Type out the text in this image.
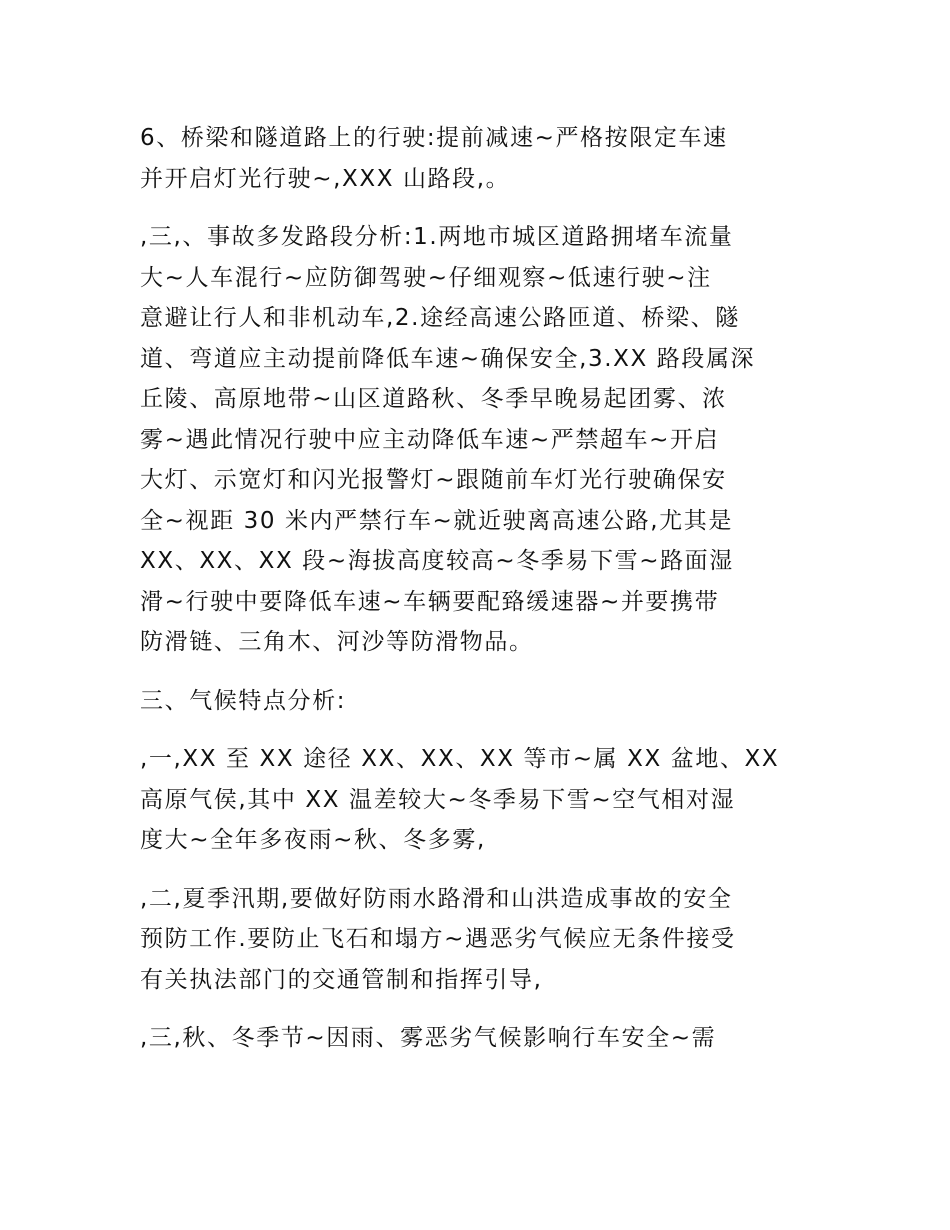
6、桥梁和隧道路上的行驶:提前减速~严格按限定车速
并开启灯光行驶~,XXX 山路段,。

,三,、事故多发路段分析:1.两地市城区道路拥堵车流量
大~人车混行~应防御驾驶~仔细观察~低速行驶~注
意避让行人和非机动车,2.途经高速公路匝道、桥梁、隧
道、弯道应主动提前降低车速~确保安全,3.XX 路段属深
丘陵、高原地带~山区道路秋、冬季早晚易起团雾、浓
雾~遇此情况行驶中应主动降低车速~严禁超车~开启
大灯、示宽灯和闪光报警灯~跟随前车灯光行驶确保安
全~视距 30 米内严禁行车~就近驶离高速公路,尤其是
XX、XX、XX 段~海拔高度较高~冬季易下雪~路面湿
滑~行驶中要降低车速~车辆要配臵缓速器~并要携带
防滑链、三角木、河沙等防滑物品。

三、气候特点分析:

,一,XX 至 XX 途径 XX、XX、XX 等市~属 XX 盆地、XX
高原气侯,其中 XX 温差较大~冬季易下雪~空气相对湿
度大~全年多夜雨~秋、冬多雾,

,二,夏季汛期,要做好防雨水路滑和山洪造成事故的安全
预防工作.要防止飞石和塌方~遇恶劣气候应无条件接受
有关执法部门的交通管制和指挥引导,

,三,秋、冬季节~因雨、雾恶劣气候影响行车安全~需
